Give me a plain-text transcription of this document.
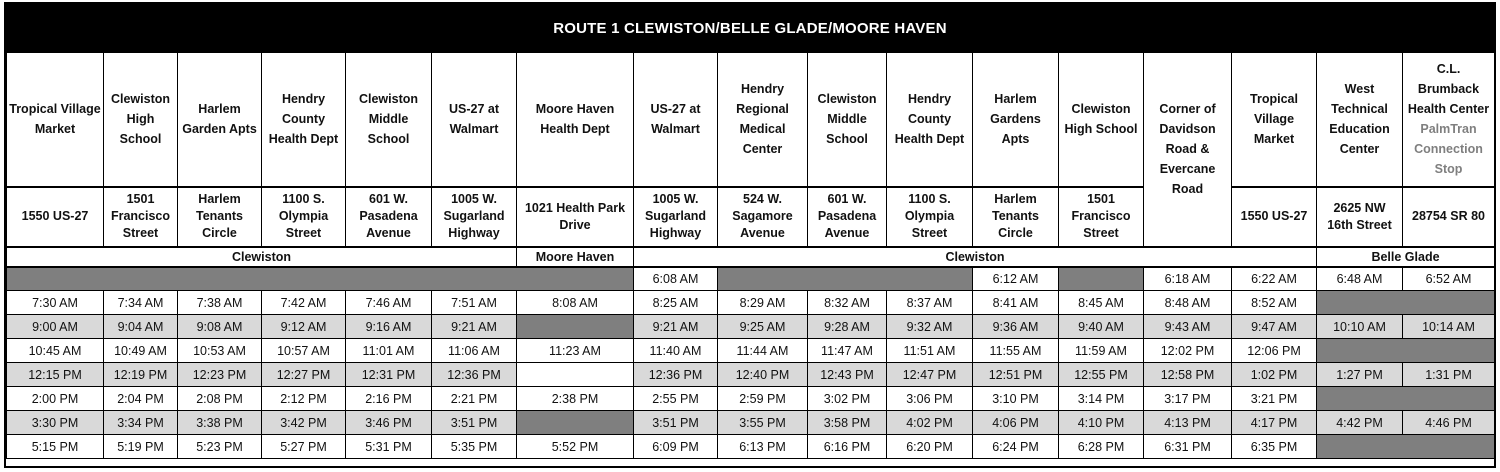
ROUTE 1 CLEWISTON/BELLE GLADE/MOORE HAVEN
Tropical Village Market	Clewiston High School	Harlem Garden Apts	Hendry County Health Dept	Clewiston Middle School	US-27 at Walmart	Moore Haven Health Dept	US-27 at Walmart	Hendry Regional Medical Center	Clewiston Middle School	Hendry County Health Dept	Harlem Gardens Apts	Clewiston High School	Corner of Davidson Road & Evercane Road	Tropical Village Market	West Technical Education Center	C.L. Brumback Health Center
PalmTran Connection Stop
1550 US-27	1501 Francisco Street	Harlem Tenants Circle	1100 S. Olympia Street	601 W. Pasadena Avenue	1005 W. Sugarland Highway	1021 Health Park Drive	1005 W. Sugarland Highway	524 W. Sagamore Avenue	601 W. Pasadena Avenue	1100 S. Olympia Street	Harlem Tenants Circle	1501 Francisco Street		1550 US-27	2625 NW 16th Street	28754 SR 80
Clewiston						Moore Haven	Clewiston								Belle Glade	
							6:08 AM				6:12 AM		6:18 AM	6:22 AM	6:48 AM	6:52 AM
7:30 AM	7:34 AM	7:38 AM	7:42 AM	7:46 AM	7:51 AM	8:08 AM	8:25 AM	8:29 AM	8:32 AM	8:37 AM	8:41 AM	8:45 AM	8:48 AM	8:52 AM		
9:00 AM	9:04 AM	9:08 AM	9:12 AM	9:16 AM	9:21 AM		9:21 AM	9:25 AM	9:28 AM	9:32 AM	9:36 AM	9:40 AM	9:43 AM	9:47 AM	10:10 AM	10:14 AM
10:45 AM	10:49 AM	10:53 AM	10:57 AM	11:01 AM	11:06 AM	11:23 AM	11:40 AM	11:44 AM	11:47 AM	11:51 AM	11:55 AM	11:59 AM	12:02 PM	12:06 PM		
12:15 PM	12:19 PM	12:23 PM	12:27 PM	12:31 PM	12:36 PM		12:36 PM	12:40 PM	12:43 PM	12:47 PM	12:51 PM	12:55 PM	12:58 PM	1:02 PM	1:27 PM	1:31 PM
2:00 PM	2:04 PM	2:08 PM	2:12 PM	2:16 PM	2:21 PM	2:38 PM	2:55 PM	2:59 PM	3:02 PM	3:06 PM	3:10 PM	3:14 PM	3:17 PM	3:21 PM		
3:30 PM	3:34 PM	3:38 PM	3:42 PM	3:46 PM	3:51 PM		3:51 PM	3:55 PM	3:58 PM	4:02 PM	4:06 PM	4:10 PM	4:13 PM	4:17 PM	4:42 PM	4:46 PM
5:15 PM	5:19 PM	5:23 PM	5:27 PM	5:31 PM	5:35 PM	5:52 PM	6:09 PM	6:13 PM	6:16 PM	6:20 PM	6:24 PM	6:28 PM	6:31 PM	6:35 PM		
